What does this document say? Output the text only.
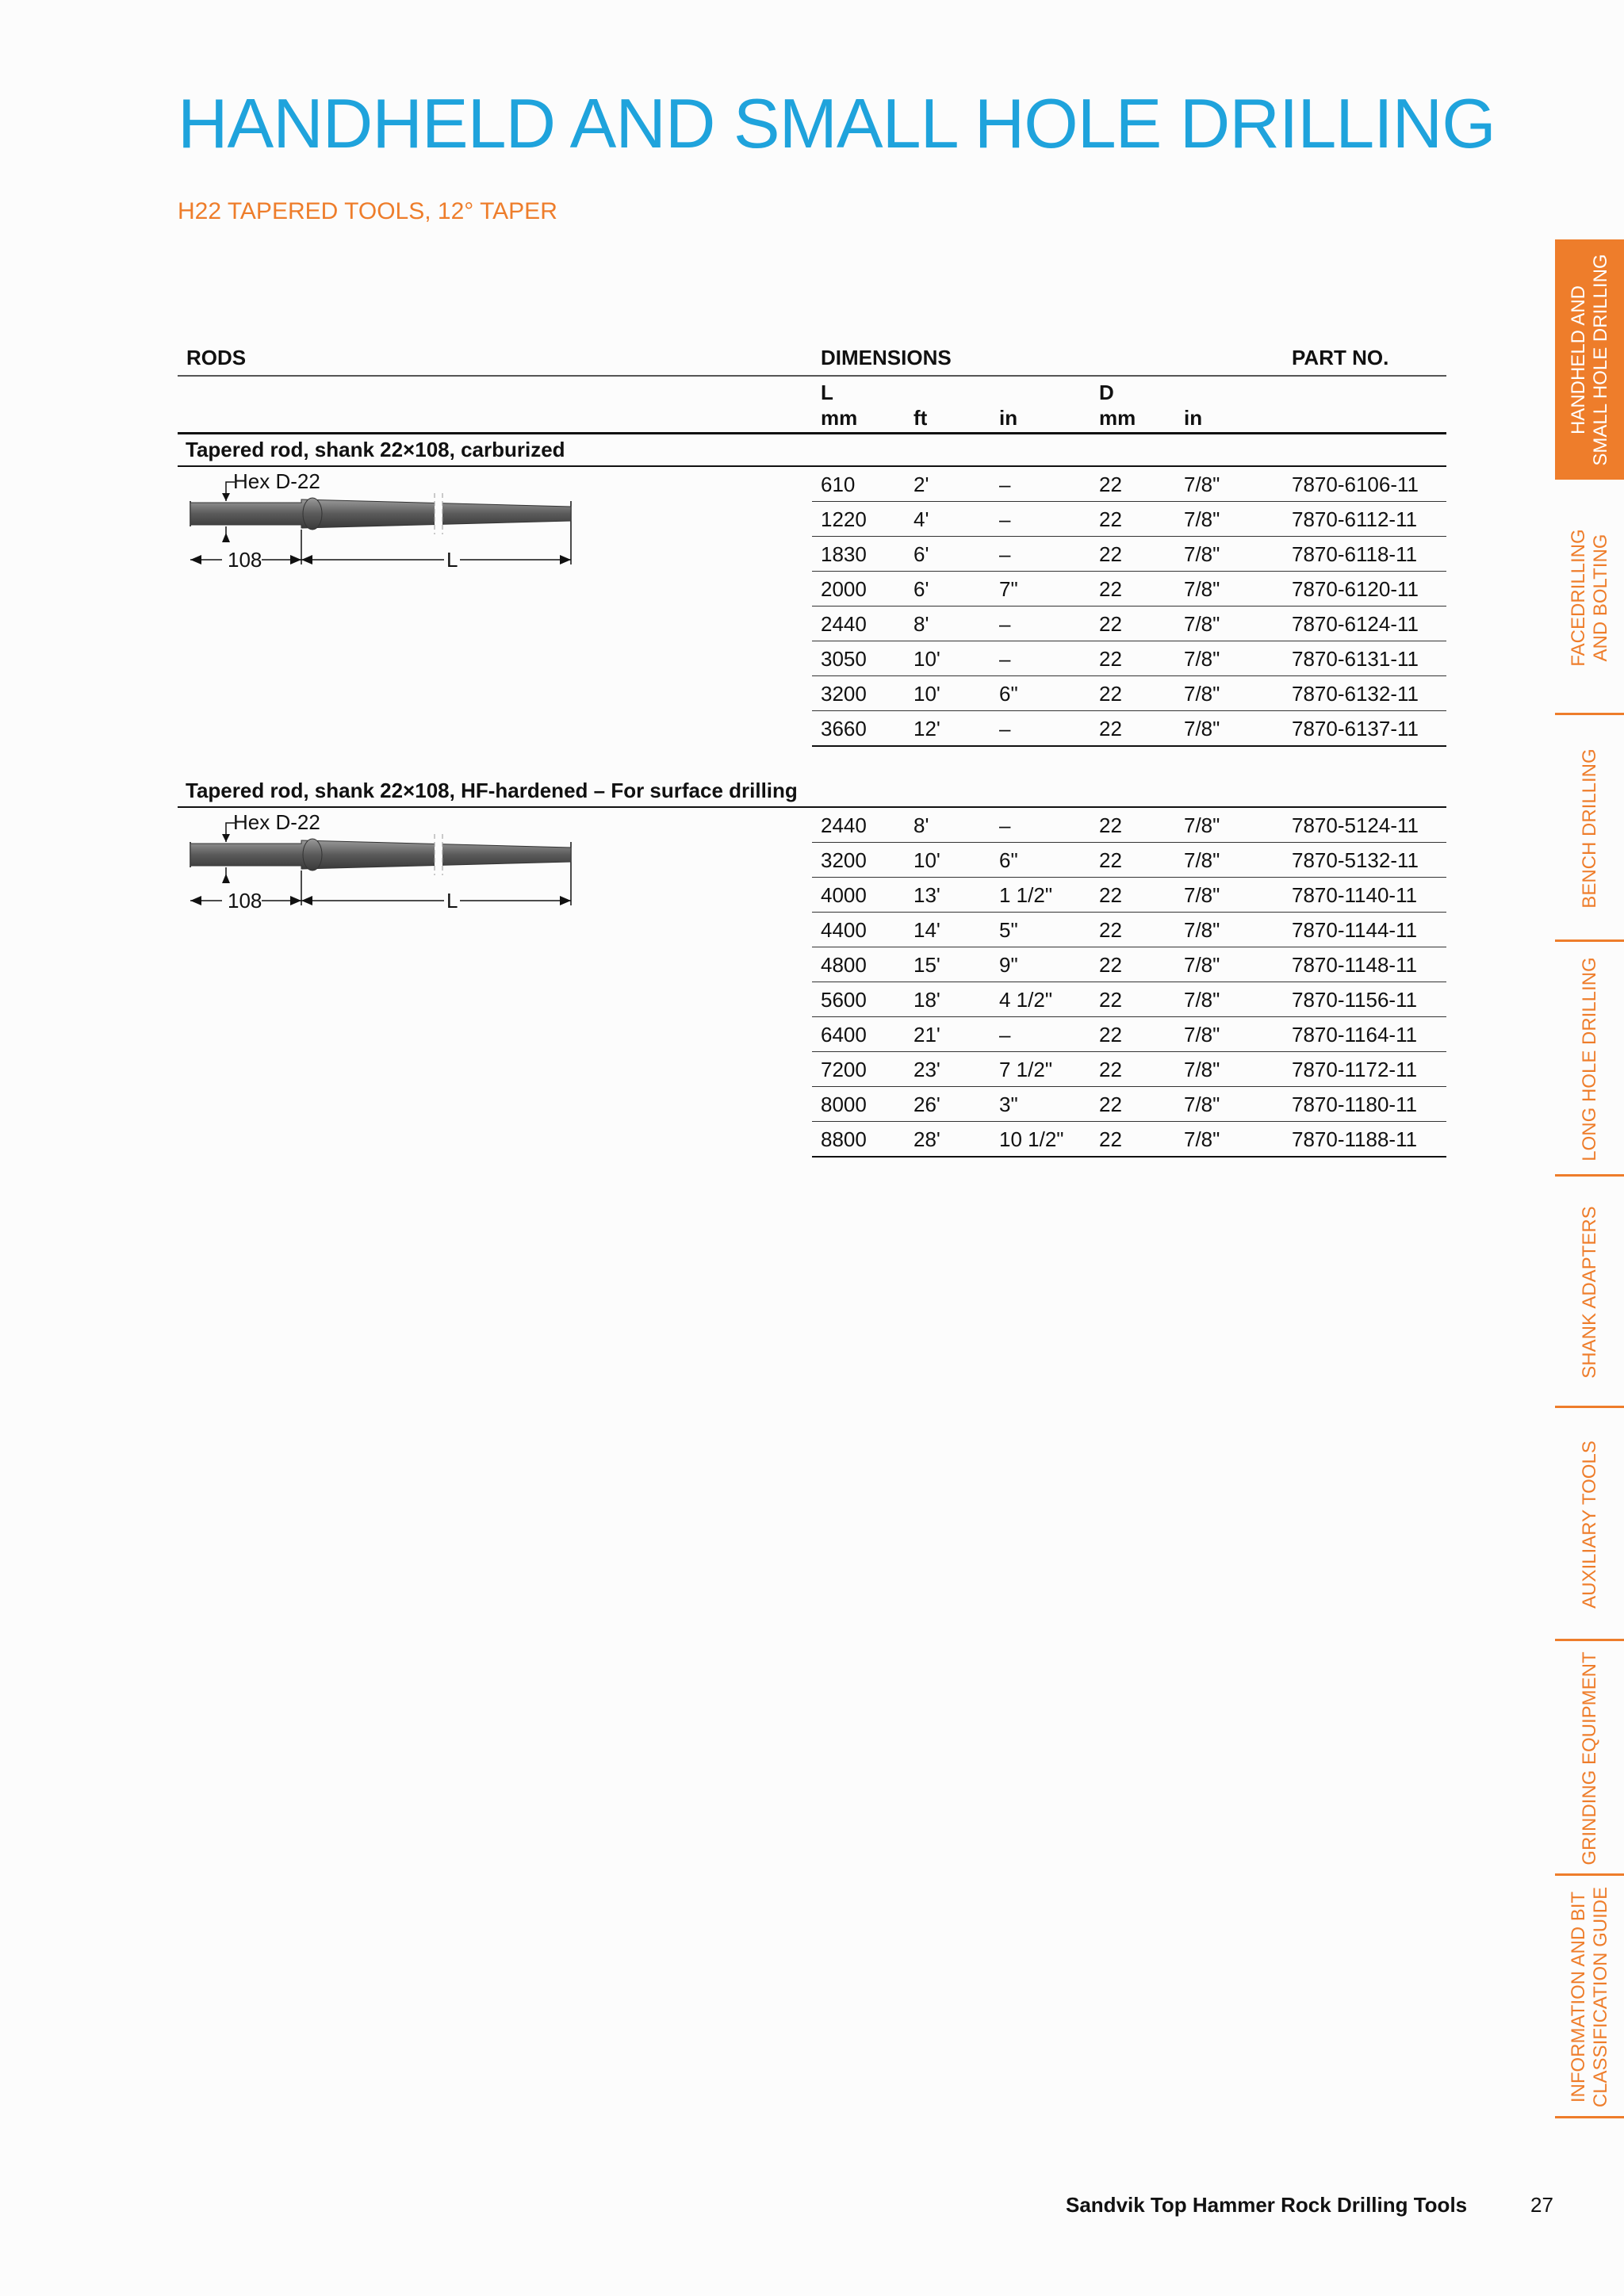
HANDHELD AND SMALL HOLE DRILLING
H22 TAPERED TOOLS, 12° TAPER
RODS	DIMENSIONS	PART NO.
L	D
mm	ft	in	mm in
Tapered rod, shank 22×108, carburized
Hex D-22
108	L
610	2'	–	22	7/8"	7870-6106-11
1220 4'	–	22	7/8"	7870-6112-11
1830 6'	–	22	7/8"	7870-6118-11
2000 6'	7"	22	7/8"	7870-6120-11
2440 8'	–	22	7/8"	7870-6124-11
3050 10'	–	22	7/8"	7870-6131-11
3200 10'	6"	22	7/8"	7870-6132-11
3660 12'	–	22	7/8"	7870-6137-11
Tapered rod, shank 22×108, HF-hardened – For surface drilling
Hex D-22
108	L
2440 8'	–	22	7/8"	7870-5124-11
3200 10'	6"	22	7/8"	7870-5132-11
4000 13'	1 1/2" 22	7/8"	7870-1140-11
4400 14'	5"	22	7/8"	7870-1144-11
4800 15'	9"	22	7/8"	7870-1148-11
5600 18'	4 1/2" 22	7/8"	7870-1156-11
6400 21'	–	22	7/8"	7870-1164-11
7200 23'	7 1/2" 22	7/8"	7870-1172-11
8000 26'	3"	22	7/8"	7870-1180-11
8800 28'	10 1/2" 22	7/8"	7870-1188-11
HANDHELD AND SMALL HOLE DRILLING
FACEDRILLING AND BOLTING
BENCH DRILLING
LONG HOLE DRILLING
SHANK ADAPTERS
AUXILIARY TOOLS
GRINDING EQUIPMENT
INFORMATION AND BIT CLASSIFICATION GUIDE
Sandvik Top Hammer Rock Drilling Tools	27
